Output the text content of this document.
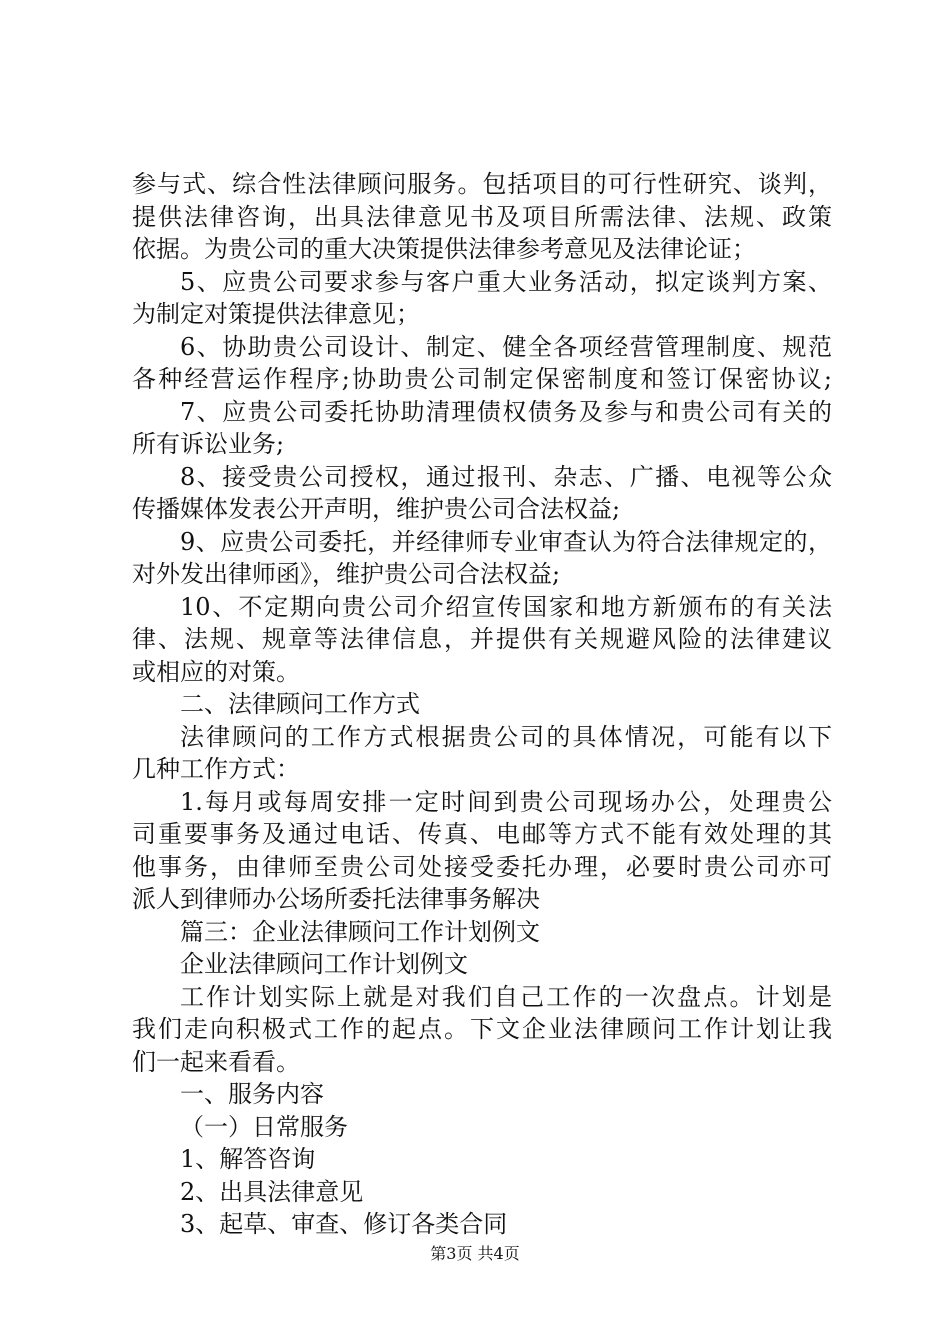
参与式、综合性法律顾问服务。包括项目的可行性研究、谈判，
提供法律咨询，出具法律意见书及项目所需法律、法规、政策
依据。为贵公司的重大决策提供法律参考意见及法律论证；
5、应贵公司要求参与客户重大业务活动，拟定谈判方案、
为制定对策提供法律意见；
6、协助贵公司设计、制定、健全各项经营管理制度、规范
各种经营运作程序;协助贵公司制定保密制度和签订保密协议;
7、应贵公司委托协助清理债权债务及参与和贵公司有关的
所有诉讼业务;
8、接受贵公司授权，通过报刊、杂志、广播、电视等公众
传播媒体发表公开声明，维护贵公司合法权益;
9、应贵公司委托，并经律师专业审查认为符合法律规定的，
对外发出律师函》，维护贵公司合法权益;
10、不定期向贵公司介绍宣传国家和地方新颁布的有关法
律、法规、规章等法律信息，并提供有关规避风险的法律建议
或相应的对策。
二、法律顾问工作方式
法律顾问的工作方式根据贵公司的具体情况，可能有以下
几种工作方式：
1.每月或每周安排一定时间到贵公司现场办公，处理贵公
司重要事务及通过电话、传真、电邮等方式不能有效处理的其
他事务，由律师至贵公司处接受委托办理，必要时贵公司亦可
派人到律师办公场所委托法律事务解决
篇三：企业法律顾问工作计划例文
企业法律顾问工作计划例文
工作计划实际上就是对我们自己工作的一次盘点。计划是
我们走向积极式工作的起点。下文企业法律顾问工作计划让我
们一起来看看。
一、服务内容
（一）日常服务
1、解答咨询
2、出具法律意见
3、起草、审查、修订各类合同
第3页 共4页
